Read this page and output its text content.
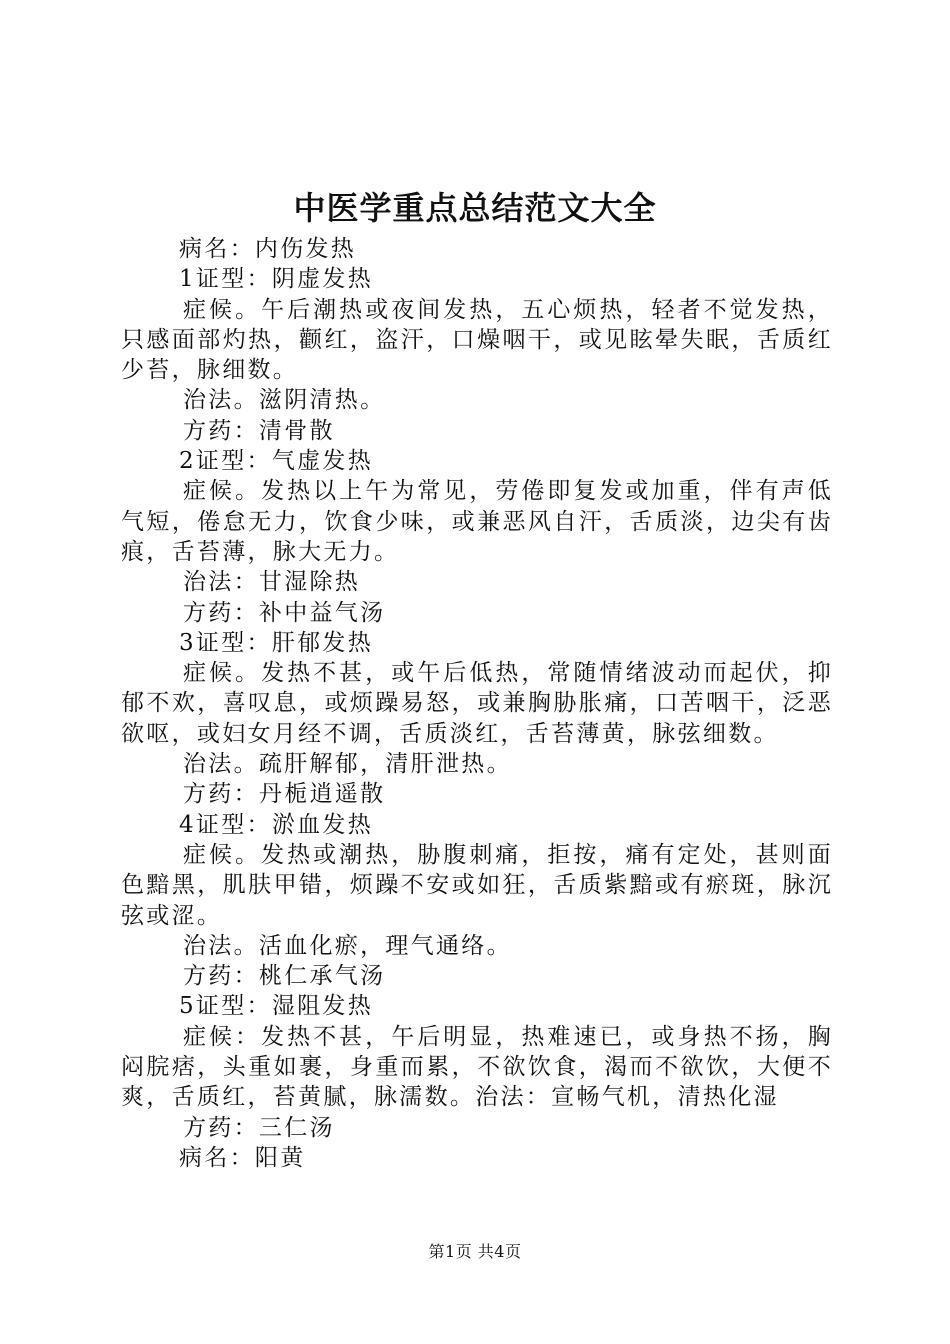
中医学重点总结范文大全

病名：内伤发热

1证型：阴虚发热

症候。午后潮热或夜间发热，五心烦热，轻者不觉发热，只感面部灼热，颧红，盗汗，口燥咽干，或见眩晕失眠，舌质红少苔，脉细数。

治法。滋阴清热。

方药：清骨散

2证型：气虚发热

症候。发热以上午为常见，劳倦即复发或加重，伴有声低气短，倦怠无力，饮食少味，或兼恶风自汗，舌质淡，边尖有齿痕，舌苔薄，脉大无力。

治法：甘湿除热

方药：补中益气汤

3证型：肝郁发热

症候。发热不甚，或午后低热，常随情绪波动而起伏，抑郁不欢，喜叹息，或烦躁易怒，或兼胸胁胀痛，口苦咽干，泛恶欲呕，或妇女月经不调，舌质淡红，舌苔薄黄，脉弦细数。

治法。疏肝解郁，清肝泄热。

方药：丹栀逍遥散

4证型：淤血发热

症候。发热或潮热，胁腹刺痛，拒按，痛有定处，甚则面色黯黑，肌肤甲错，烦躁不安或如狂，舌质紫黯或有瘀斑，脉沉弦或涩。

治法。活血化瘀，理气通络。

方药：桃仁承气汤

5证型：湿阻发热

症候：发热不甚，午后明显，热难速已，或身热不扬，胸闷脘痞，头重如裹，身重而累，不欲饮食，渴而不欲饮，大便不爽，舌质红，苔黄腻，脉濡数。治法：宣畅气机，清热化湿

方药：三仁汤

病名：阳黄

第1页 共4页
